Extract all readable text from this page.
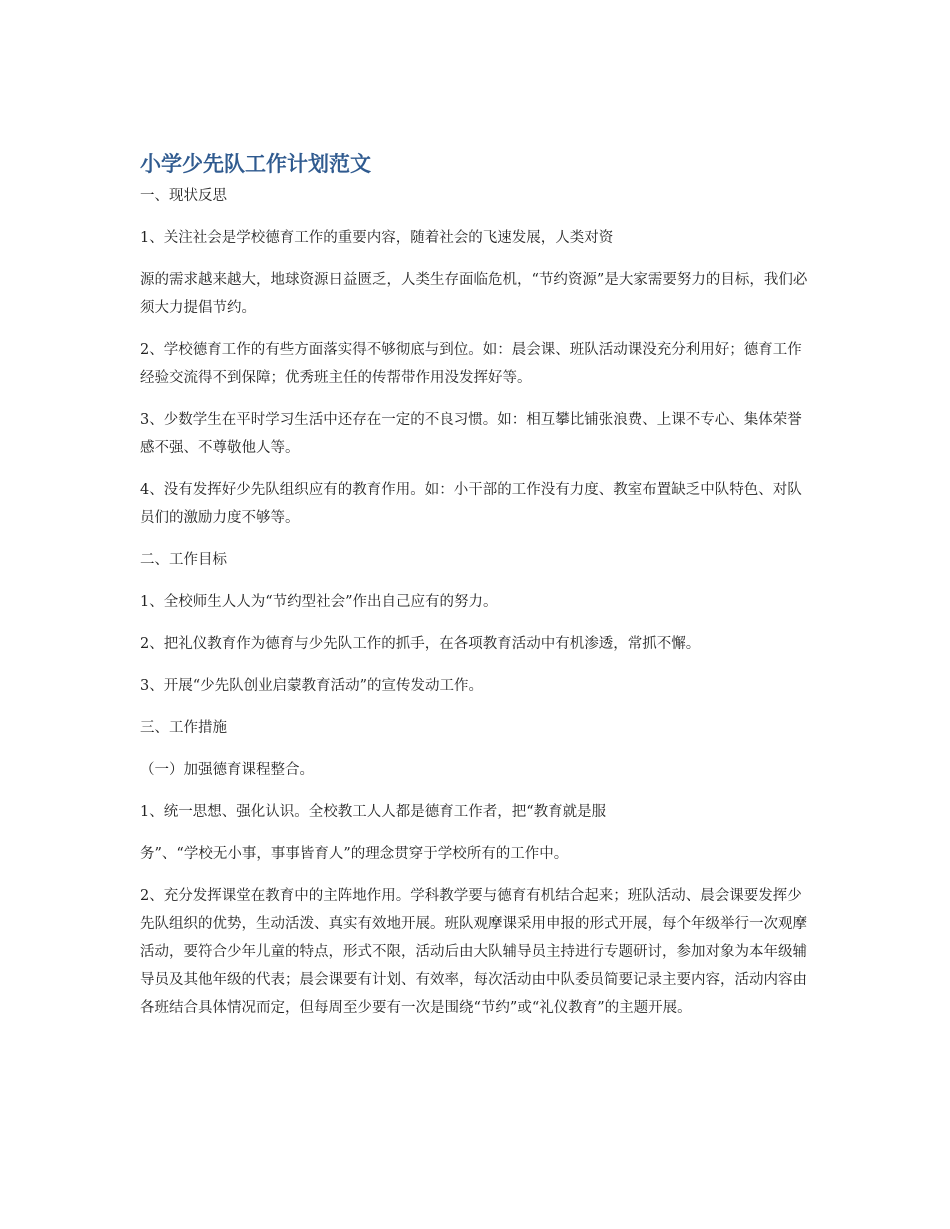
小学少先队工作计划范文

一、现状反思

1、关注社会是学校德育工作的重要内容，随着社会的飞速发展，人类对资

源的需求越来越大，地球资源日益匮乏，人类生存面临危机，“节约资源”是大家需要努力的目标，我们必须大力提倡节约。

2、学校德育工作的有些方面落实得不够彻底与到位。如：晨会课、班队活动课没充分利用好；德育工作经验交流得不到保障；优秀班主任的传帮带作用没发挥好等。

3、少数学生在平时学习生活中还存在一定的不良习惯。如：相互攀比铺张浪费、上课不专心、集体荣誉感不强、不尊敬他人等。

4、没有发挥好少先队组织应有的教育作用。如：小干部的工作没有力度、教室布置缺乏中队特色、对队员们的激励力度不够等。

二、工作目标

1、全校师生人人为“节约型社会”作出自己应有的努力。

2、把礼仪教育作为德育与少先队工作的抓手，在各项教育活动中有机渗透，常抓不懈。

3、开展“少先队创业启蒙教育活动”的宣传发动工作。

三、工作措施

（一）加强德育课程整合。

1、统一思想、强化认识。全校教工人人都是德育工作者，把“教育就是服

务”、“学校无小事，事事皆育人”的理念贯穿于学校所有的工作中。

2、充分发挥课堂在教育中的主阵地作用。学科教学要与德育有机结合起来；班队活动、晨会课要发挥少先队组织的优势，生动活泼、真实有效地开展。班队观摩课采用申报的形式开展，每个年级举行一次观摩活动，要符合少年儿童的特点，形式不限，活动后由大队辅导员主持进行专题研讨，参加对象为本年级辅导员及其他年级的代表；晨会课要有计划、有效率，每次活动由中队委员简要记录主要内容，活动内容由各班结合具体情况而定，但每周至少要有一次是围绕“节约”或“礼仪教育”的主题开展。
